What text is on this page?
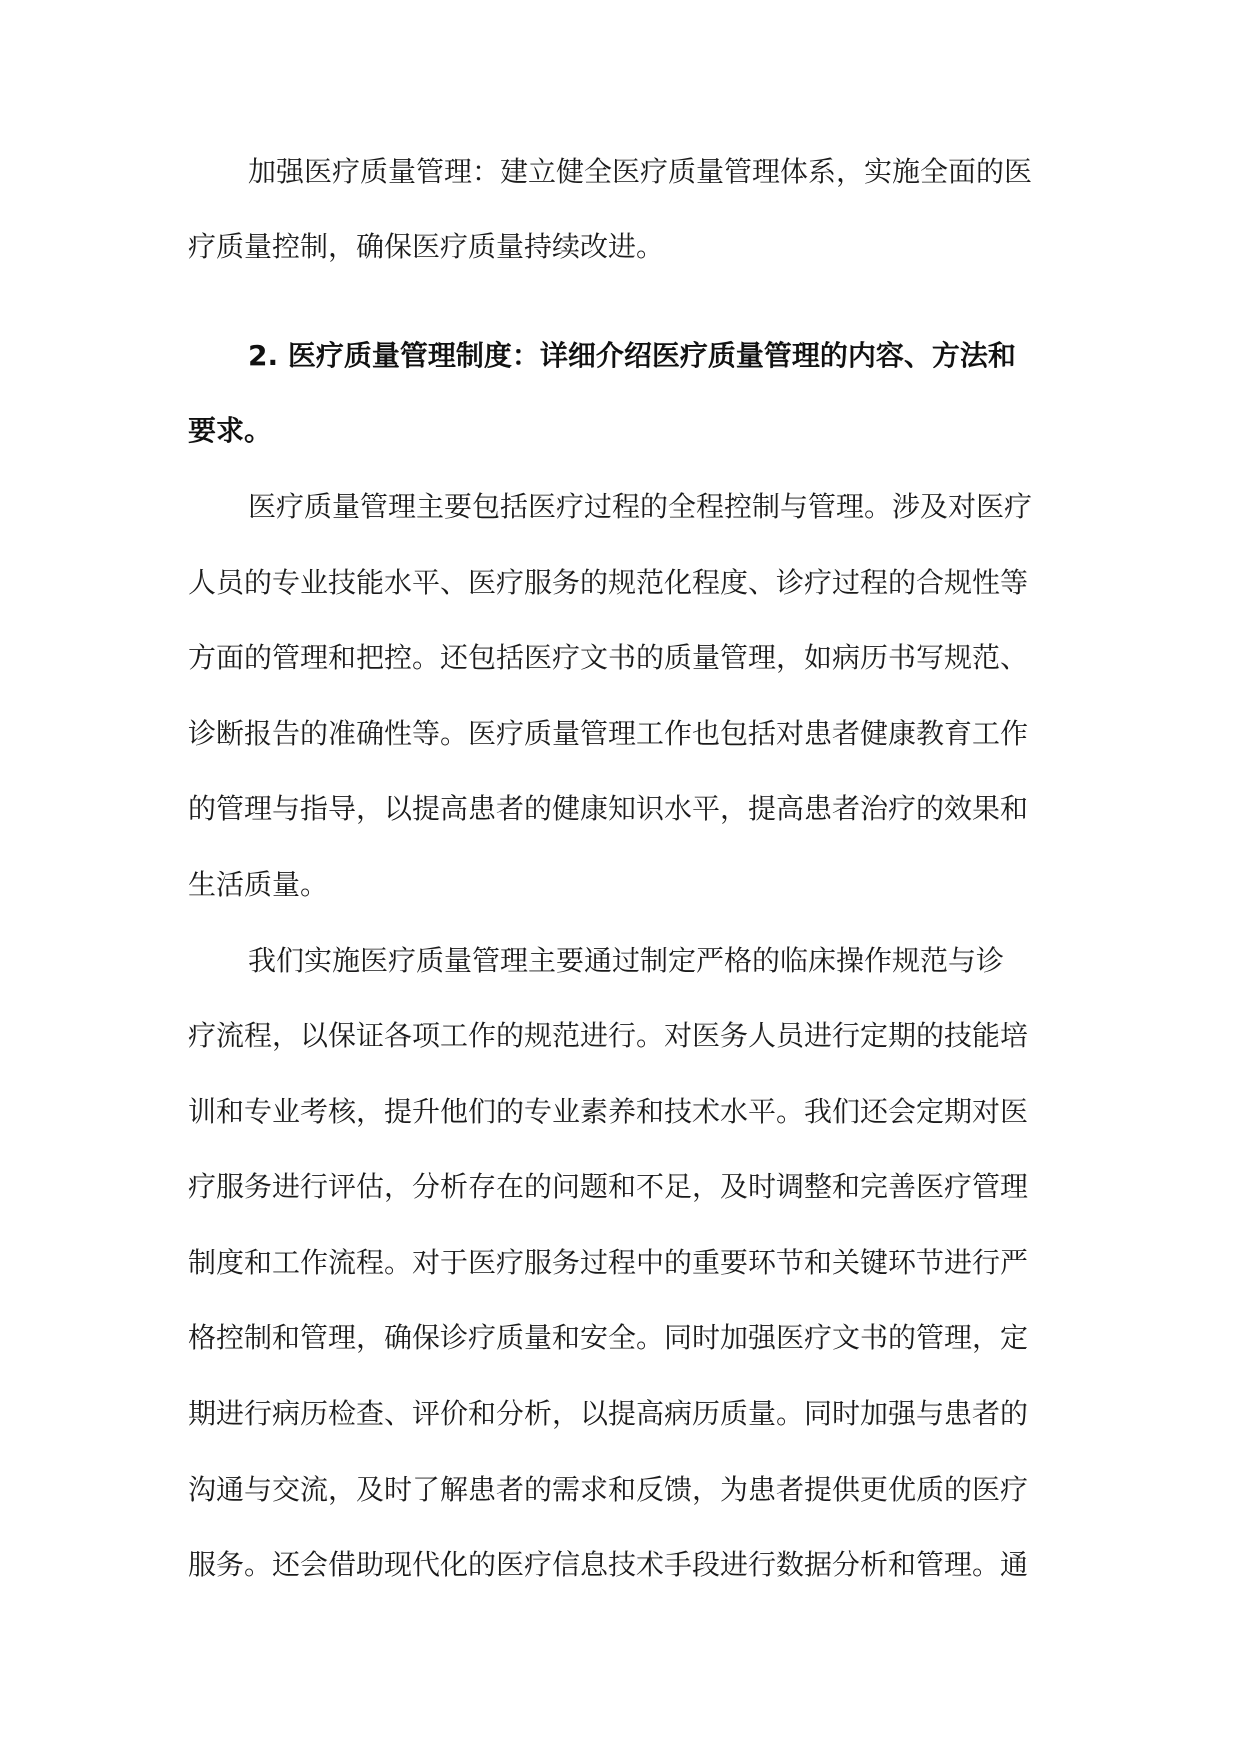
加强医疗质量管理：建立健全医疗质量管理体系，实施全面的医
疗质量控制，确保医疗质量持续改进。
2. 医疗质量管理制度：详细介绍医疗质量管理的内容、方法和
要求。
医疗质量管理主要包括医疗过程的全程控制与管理。涉及对医疗
人员的专业技能水平、医疗服务的规范化程度、诊疗过程的合规性等
方面的管理和把控。还包括医疗文书的质量管理，如病历书写规范、
诊断报告的准确性等。医疗质量管理工作也包括对患者健康教育工作
的管理与指导，以提高患者的健康知识水平，提高患者治疗的效果和
生活质量。
我们实施医疗质量管理主要通过制定严格的临床操作规范与诊
疗流程，以保证各项工作的规范进行。对医务人员进行定期的技能培
训和专业考核，提升他们的专业素养和技术水平。我们还会定期对医
疗服务进行评估，分析存在的问题和不足，及时调整和完善医疗管理
制度和工作流程。对于医疗服务过程中的重要环节和关键环节进行严
格控制和管理，确保诊疗质量和安全。同时加强医疗文书的管理，定
期进行病历检查、评价和分析，以提高病历质量。同时加强与患者的
沟通与交流，及时了解患者的需求和反馈，为患者提供更优质的医疗
服务。还会借助现代化的医疗信息技术手段进行数据分析和管理。通
